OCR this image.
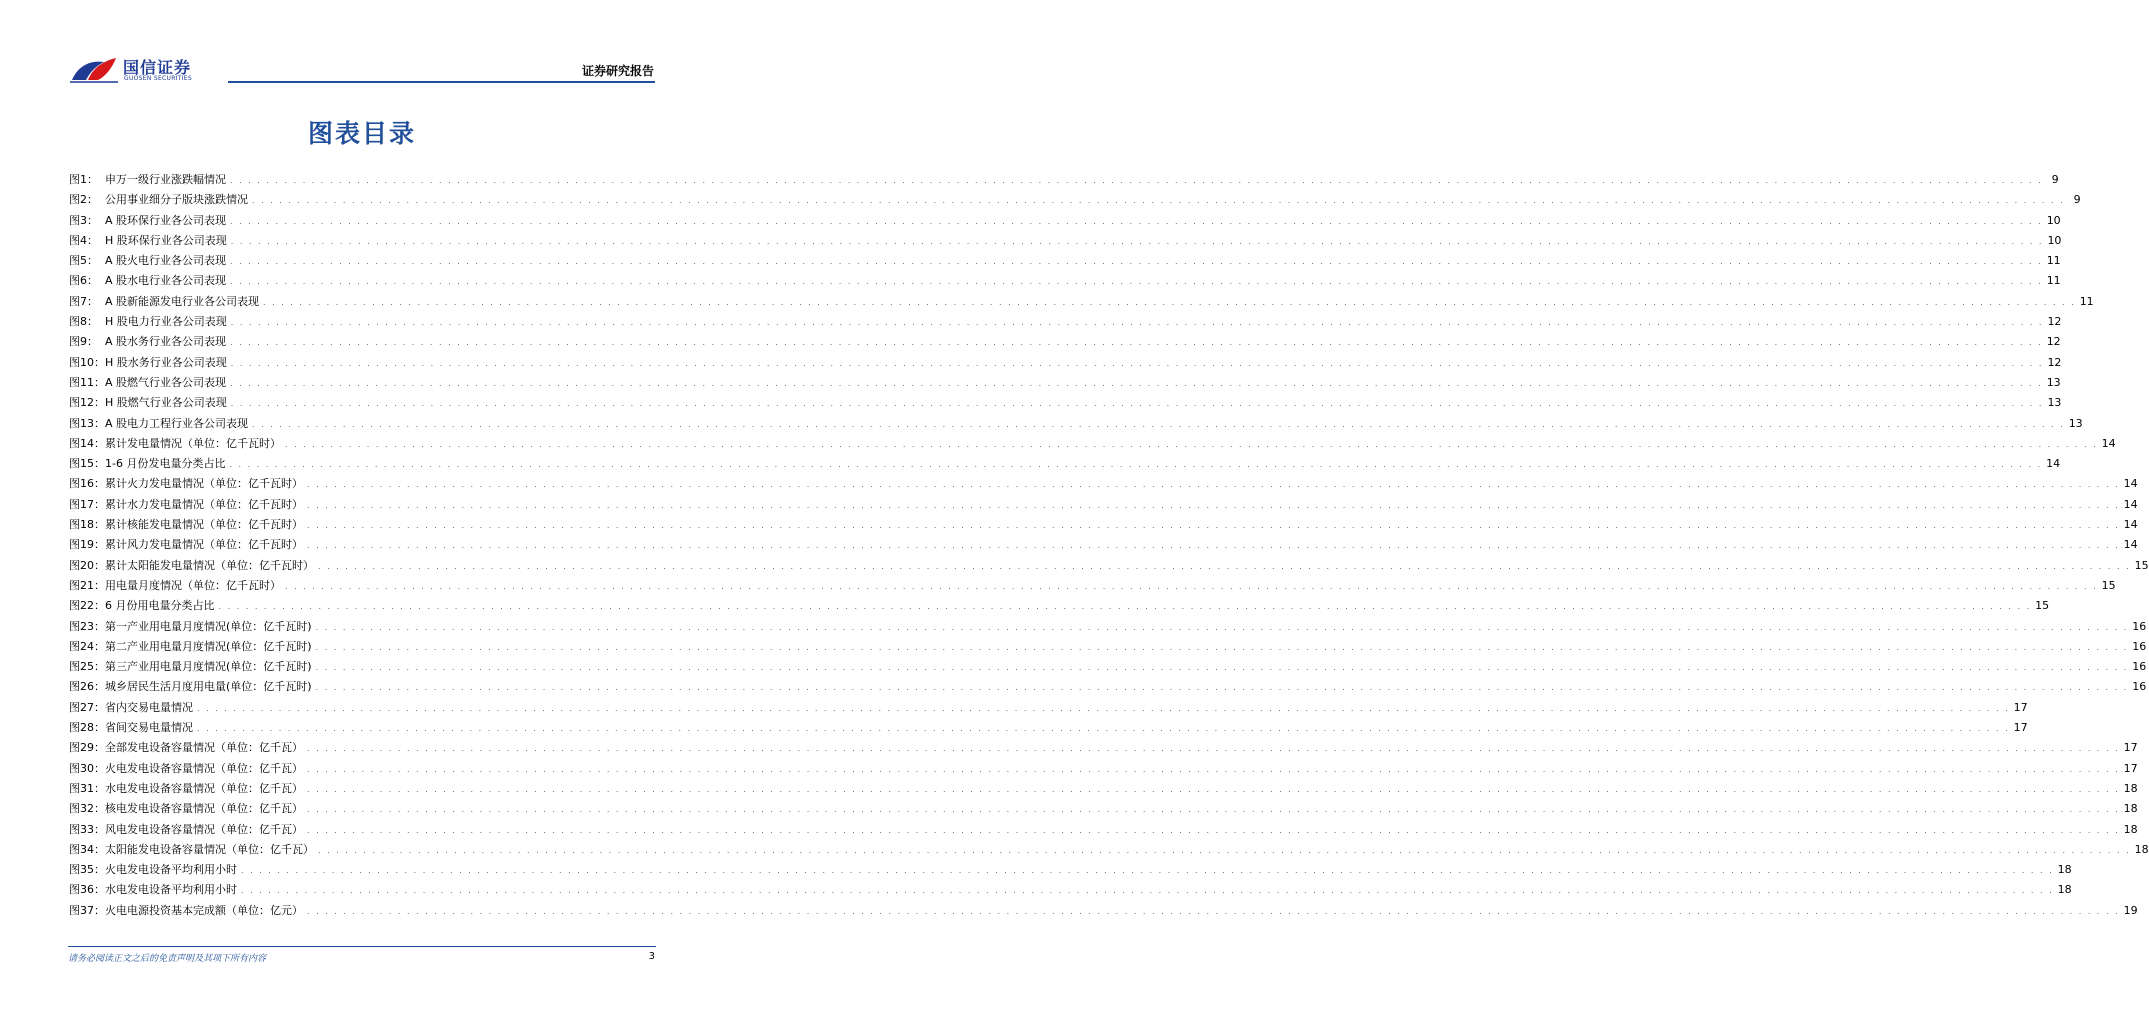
国信证券
GUOSEN SECURITIES
证券研究报告
图表目录
图1： 申万一级行业涨跌幅情况 . . . . . . . . . . . . . . . . . . . . . . . . . . . . . . . . . . . . . . . . . . . . . . . . . . . . . . . . . . . . . . . . . . . . . . . . . . . . . . . . . . . . . . . . . . . . . . . . . . . . . . . . . . . . . . . . . . . . . . . . . . . . . . . . . . . . . . . . . . . . . . . . . . . . . . . . . . . . . . . . . . . . . . . . . . . . . . . . . . . . . . . . . . . . . . . . . . . . . . . . 9
图2： 公用事业细分子版块涨跌情况 . . . . . . . . . . . . . . . . . . . . . . . . . . . . . . . . . . . . . . . . . . . . . . . . . . . . . . . . . . . . . . . . . . . . . . . . . . . . . . . . . . . . . . . . . . . . . . . . . . . . . . . . . . . . . . . . . . . . . . . . . . . . . . . . . . . . . . . . . . . . . . . . . . . . . . . . . . . . . . . . . . . . . . . . . . . . . . . . . . . . . . . . . . . . . . . . . . . . . . . . 9
图3： A 股环保行业各公司表现 . . . . . . . . . . . . . . . . . . . . . . . . . . . . . . . . . . . . . . . . . . . . . . . . . . . . . . . . . . . . . . . . . . . . . . . . . . . . . . . . . . . . . . . . . . . . . . . . . . . . . . . . . . . . . . . . . . . . . . . . . . . . . . . . . . . . . . . . . . . . . . . . . . . . . . . . . . . . . . . . . . . . . . . . . . . . . . . . . . . . . . . . . . . . . . . . . . . . . . . . 10
图4： H 股环保行业各公司表现 . . . . . . . . . . . . . . . . . . . . . . . . . . . . . . . . . . . . . . . . . . . . . . . . . . . . . . . . . . . . . . . . . . . . . . . . . . . . . . . . . . . . . . . . . . . . . . . . . . . . . . . . . . . . . . . . . . . . . . . . . . . . . . . . . . . . . . . . . . . . . . . . . . . . . . . . . . . . . . . . . . . . . . . . . . . . . . . . . . . . . . . . . . . . . . . . . . . . . . . . 10
图5： A 股火电行业各公司表现 . . . . . . . . . . . . . . . . . . . . . . . . . . . . . . . . . . . . . . . . . . . . . . . . . . . . . . . . . . . . . . . . . . . . . . . . . . . . . . . . . . . . . . . . . . . . . . . . . . . . . . . . . . . . . . . . . . . . . . . . . . . . . . . . . . . . . . . . . . . . . . . . . . . . . . . . . . . . . . . . . . . . . . . . . . . . . . . . . . . . . . . . . . . . . . . . . . . . . . . . 11
图6： A 股水电行业各公司表现 . . . . . . . . . . . . . . . . . . . . . . . . . . . . . . . . . . . . . . . . . . . . . . . . . . . . . . . . . . . . . . . . . . . . . . . . . . . . . . . . . . . . . . . . . . . . . . . . . . . . . . . . . . . . . . . . . . . . . . . . . . . . . . . . . . . . . . . . . . . . . . . . . . . . . . . . . . . . . . . . . . . . . . . . . . . . . . . . . . . . . . . . . . . . . . . . . . . . . . . . 11
图7： A 股新能源发电行业各公司表现 . . . . . . . . . . . . . . . . . . . . . . . . . . . . . . . . . . . . . . . . . . . . . . . . . . . . . . . . . . . . . . . . . . . . . . . . . . . . . . . . . . . . . . . . . . . . . . . . . . . . . . . . . . . . . . . . . . . . . . . . . . . . . . . . . . . . . . . . . . . . . . . . . . . . . . . . . . . . . . . . . . . . . . . . . . . . . . . . . . . . . . . . . . . . . . . . . . . . . . . . 11
图8： H 股电力行业各公司表现 . . . . . . . . . . . . . . . . . . . . . . . . . . . . . . . . . . . . . . . . . . . . . . . . . . . . . . . . . . . . . . . . . . . . . . . . . . . . . . . . . . . . . . . . . . . . . . . . . . . . . . . . . . . . . . . . . . . . . . . . . . . . . . . . . . . . . . . . . . . . . . . . . . . . . . . . . . . . . . . . . . . . . . . . . . . . . . . . . . . . . . . . . . . . . . . . . . . . . . . . 12
图9： A 股水务行业各公司表现 . . . . . . . . . . . . . . . . . . . . . . . . . . . . . . . . . . . . . . . . . . . . . . . . . . . . . . . . . . . . . . . . . . . . . . . . . . . . . . . . . . . . . . . . . . . . . . . . . . . . . . . . . . . . . . . . . . . . . . . . . . . . . . . . . . . . . . . . . . . . . . . . . . . . . . . . . . . . . . . . . . . . . . . . . . . . . . . . . . . . . . . . . . . . . . . . . . . . . . . . 12
图10： H 股水务行业各公司表现 . . . . . . . . . . . . . . . . . . . . . . . . . . . . . . . . . . . . . . . . . . . . . . . . . . . . . . . . . . . . . . . . . . . . . . . . . . . . . . . . . . . . . . . . . . . . . . . . . . . . . . . . . . . . . . . . . . . . . . . . . . . . . . . . . . . . . . . . . . . . . . . . . . . . . . . . . . . . . . . . . . . . . . . . . . . . . . . . . . . . . . . . . . . . . . . . . . . . . . . . 12
图11： A 股燃气行业各公司表现 . . . . . . . . . . . . . . . . . . . . . . . . . . . . . . . . . . . . . . . . . . . . . . . . . . . . . . . . . . . . . . . . . . . . . . . . . . . . . . . . . . . . . . . . . . . . . . . . . . . . . . . . . . . . . . . . . . . . . . . . . . . . . . . . . . . . . . . . . . . . . . . . . . . . . . . . . . . . . . . . . . . . . . . . . . . . . . . . . . . . . . . . . . . . . . . . . . . . . . . . 13
图12： H 股燃气行业各公司表现 . . . . . . . . . . . . . . . . . . . . . . . . . . . . . . . . . . . . . . . . . . . . . . . . . . . . . . . . . . . . . . . . . . . . . . . . . . . . . . . . . . . . . . . . . . . . . . . . . . . . . . . . . . . . . . . . . . . . . . . . . . . . . . . . . . . . . . . . . . . . . . . . . . . . . . . . . . . . . . . . . . . . . . . . . . . . . . . . . . . . . . . . . . . . . . . . . . . . . . . . 13
图13： A 股电力工程行业各公司表现 . . . . . . . . . . . . . . . . . . . . . . . . . . . . . . . . . . . . . . . . . . . . . . . . . . . . . . . . . . . . . . . . . . . . . . . . . . . . . . . . . . . . . . . . . . . . . . . . . . . . . . . . . . . . . . . . . . . . . . . . . . . . . . . . . . . . . . . . . . . . . . . . . . . . . . . . . . . . . . . . . . . . . . . . . . . . . . . . . . . . . . . . . . . . . . . . . . . . . . . . 13
图14： 累计发电量情况（单位：亿千瓦时） . . . . . . . . . . . . . . . . . . . . . . . . . . . . . . . . . . . . . . . . . . . . . . . . . . . . . . . . . . . . . . . . . . . . . . . . . . . . . . . . . . . . . . . . . . . . . . . . . . . . . . . . . . . . . . . . . . . . . . . . . . . . . . . . . . . . . . . . . . . . . . . . . . . . . . . . . . . . . . . . . . . . . . . . . . . . . . . . . . . . . . . . . . . . . . . . . . . . . . . . 14
图15： 1-6 月份发电量分类占比 . . . . . . . . . . . . . . . . . . . . . . . . . . . . . . . . . . . . . . . . . . . . . . . . . . . . . . . . . . . . . . . . . . . . . . . . . . . . . . . . . . . . . . . . . . . . . . . . . . . . . . . . . . . . . . . . . . . . . . . . . . . . . . . . . . . . . . . . . . . . . . . . . . . . . . . . . . . . . . . . . . . . . . . . . . . . . . . . . . . . . . . . . . . . . . . . . . . . . . . . 14
图16： 累计火力发电量情况（单位：亿千瓦时） . . . . . . . . . . . . . . . . . . . . . . . . . . . . . . . . . . . . . . . . . . . . . . . . . . . . . . . . . . . . . . . . . . . . . . . . . . . . . . . . . . . . . . . . . . . . . . . . . . . . . . . . . . . . . . . . . . . . . . . . . . . . . . . . . . . . . . . . . . . . . . . . . . . . . . . . . . . . . . . . . . . . . . . . . . . . . . . . . . . . . . . . . . . . . . . . . . . . . . . . 14
图17： 累计水力发电量情况（单位：亿千瓦时） . . . . . . . . . . . . . . . . . . . . . . . . . . . . . . . . . . . . . . . . . . . . . . . . . . . . . . . . . . . . . . . . . . . . . . . . . . . . . . . . . . . . . . . . . . . . . . . . . . . . . . . . . . . . . . . . . . . . . . . . . . . . . . . . . . . . . . . . . . . . . . . . . . . . . . . . . . . . . . . . . . . . . . . . . . . . . . . . . . . . . . . . . . . . . . . . . . . . . . . . 14
图18： 累计核能发电量情况（单位：亿千瓦时） . . . . . . . . . . . . . . . . . . . . . . . . . . . . . . . . . . . . . . . . . . . . . . . . . . . . . . . . . . . . . . . . . . . . . . . . . . . . . . . . . . . . . . . . . . . . . . . . . . . . . . . . . . . . . . . . . . . . . . . . . . . . . . . . . . . . . . . . . . . . . . . . . . . . . . . . . . . . . . . . . . . . . . . . . . . . . . . . . . . . . . . . . . . . . . . . . . . . . . . . 14
图19： 累计风力发电量情况（单位：亿千瓦时） . . . . . . . . . . . . . . . . . . . . . . . . . . . . . . . . . . . . . . . . . . . . . . . . . . . . . . . . . . . . . . . . . . . . . . . . . . . . . . . . . . . . . . . . . . . . . . . . . . . . . . . . . . . . . . . . . . . . . . . . . . . . . . . . . . . . . . . . . . . . . . . . . . . . . . . . . . . . . . . . . . . . . . . . . . . . . . . . . . . . . . . . . . . . . . . . . . . . . . . . 14
图20： 累计太阳能发电量情况（单位：亿千瓦时） . . . . . . . . . . . . . . . . . . . . . . . . . . . . . . . . . . . . . . . . . . . . . . . . . . . . . . . . . . . . . . . . . . . . . . . . . . . . . . . . . . . . . . . . . . . . . . . . . . . . . . . . . . . . . . . . . . . . . . . . . . . . . . . . . . . . . . . . . . . . . . . . . . . . . . . . . . . . . . . . . . . . . . . . . . . . . . . . . . . . . . . . . . . . . . . . . . . . . . . . 15
图21： 用电量月度情况（单位：亿千瓦时） . . . . . . . . . . . . . . . . . . . . . . . . . . . . . . . . . . . . . . . . . . . . . . . . . . . . . . . . . . . . . . . . . . . . . . . . . . . . . . . . . . . . . . . . . . . . . . . . . . . . . . . . . . . . . . . . . . . . . . . . . . . . . . . . . . . . . . . . . . . . . . . . . . . . . . . . . . . . . . . . . . . . . . . . . . . . . . . . . . . . . . . . . . . . . . . . . . . . . . . . 15
图22： 6 月份用电量分类占比 . . . . . . . . . . . . . . . . . . . . . . . . . . . . . . . . . . . . . . . . . . . . . . . . . . . . . . . . . . . . . . . . . . . . . . . . . . . . . . . . . . . . . . . . . . . . . . . . . . . . . . . . . . . . . . . . . . . . . . . . . . . . . . . . . . . . . . . . . . . . . . . . . . . . . . . . . . . . . . . . . . . . . . . . . . . . . . . . . . . . . . . . . . . . . . . . . . . . . . . . 15
图23： 第一产业用电量月度情况(单位：亿千瓦时) . . . . . . . . . . . . . . . . . . . . . . . . . . . . . . . . . . . . . . . . . . . . . . . . . . . . . . . . . . . . . . . . . . . . . . . . . . . . . . . . . . . . . . . . . . . . . . . . . . . . . . . . . . . . . . . . . . . . . . . . . . . . . . . . . . . . . . . . . . . . . . . . . . . . . . . . . . . . . . . . . . . . . . . . . . . . . . . . . . . . . . . . . . . . . . . . . . . . . . . . 16
图24： 第二产业用电量月度情况(单位：亿千瓦时) . . . . . . . . . . . . . . . . . . . . . . . . . . . . . . . . . . . . . . . . . . . . . . . . . . . . . . . . . . . . . . . . . . . . . . . . . . . . . . . . . . . . . . . . . . . . . . . . . . . . . . . . . . . . . . . . . . . . . . . . . . . . . . . . . . . . . . . . . . . . . . . . . . . . . . . . . . . . . . . . . . . . . . . . . . . . . . . . . . . . . . . . . . . . . . . . . . . . . . . . 16
图25： 第三产业用电量月度情况(单位：亿千瓦时) . . . . . . . . . . . . . . . . . . . . . . . . . . . . . . . . . . . . . . . . . . . . . . . . . . . . . . . . . . . . . . . . . . . . . . . . . . . . . . . . . . . . . . . . . . . . . . . . . . . . . . . . . . . . . . . . . . . . . . . . . . . . . . . . . . . . . . . . . . . . . . . . . . . . . . . . . . . . . . . . . . . . . . . . . . . . . . . . . . . . . . . . . . . . . . . . . . . . . . . . 16
图26： 城乡居民生活月度用电量(单位：亿千瓦时) . . . . . . . . . . . . . . . . . . . . . . . . . . . . . . . . . . . . . . . . . . . . . . . . . . . . . . . . . . . . . . . . . . . . . . . . . . . . . . . . . . . . . . . . . . . . . . . . . . . . . . . . . . . . . . . . . . . . . . . . . . . . . . . . . . . . . . . . . . . . . . . . . . . . . . . . . . . . . . . . . . . . . . . . . . . . . . . . . . . . . . . . . . . . . . . . . . . . . . . . 16
图27： 省内交易电量情况 . . . . . . . . . . . . . . . . . . . . . . . . . . . . . . . . . . . . . . . . . . . . . . . . . . . . . . . . . . . . . . . . . . . . . . . . . . . . . . . . . . . . . . . . . . . . . . . . . . . . . . . . . . . . . . . . . . . . . . . . . . . . . . . . . . . . . . . . . . . . . . . . . . . . . . . . . . . . . . . . . . . . . . . . . . . . . . . . . . . . . . . . . . . . . . . . . . . . . . . . 17
图28： 省间交易电量情况 . . . . . . . . . . . . . . . . . . . . . . . . . . . . . . . . . . . . . . . . . . . . . . . . . . . . . . . . . . . . . . . . . . . . . . . . . . . . . . . . . . . . . . . . . . . . . . . . . . . . . . . . . . . . . . . . . . . . . . . . . . . . . . . . . . . . . . . . . . . . . . . . . . . . . . . . . . . . . . . . . . . . . . . . . . . . . . . . . . . . . . . . . . . . . . . . . . . . . . . . 17
图29： 全部发电设备容量情况（单位：亿千瓦） . . . . . . . . . . . . . . . . . . . . . . . . . . . . . . . . . . . . . . . . . . . . . . . . . . . . . . . . . . . . . . . . . . . . . . . . . . . . . . . . . . . . . . . . . . . . . . . . . . . . . . . . . . . . . . . . . . . . . . . . . . . . . . . . . . . . . . . . . . . . . . . . . . . . . . . . . . . . . . . . . . . . . . . . . . . . . . . . . . . . . . . . . . . . . . . . . . . . . . . . 17
图30： 火电发电设备容量情况（单位：亿千瓦） . . . . . . . . . . . . . . . . . . . . . . . . . . . . . . . . . . . . . . . . . . . . . . . . . . . . . . . . . . . . . . . . . . . . . . . . . . . . . . . . . . . . . . . . . . . . . . . . . . . . . . . . . . . . . . . . . . . . . . . . . . . . . . . . . . . . . . . . . . . . . . . . . . . . . . . . . . . . . . . . . . . . . . . . . . . . . . . . . . . . . . . . . . . . . . . . . . . . . . . . 17
图31： 水电发电设备容量情况（单位：亿千瓦） . . . . . . . . . . . . . . . . . . . . . . . . . . . . . . . . . . . . . . . . . . . . . . . . . . . . . . . . . . . . . . . . . . . . . . . . . . . . . . . . . . . . . . . . . . . . . . . . . . . . . . . . . . . . . . . . . . . . . . . . . . . . . . . . . . . . . . . . . . . . . . . . . . . . . . . . . . . . . . . . . . . . . . . . . . . . . . . . . . . . . . . . . . . . . . . . . . . . . . . . 18
图32： 核电发电设备容量情况（单位：亿千瓦） . . . . . . . . . . . . . . . . . . . . . . . . . . . . . . . . . . . . . . . . . . . . . . . . . . . . . . . . . . . . . . . . . . . . . . . . . . . . . . . . . . . . . . . . . . . . . . . . . . . . . . . . . . . . . . . . . . . . . . . . . . . . . . . . . . . . . . . . . . . . . . . . . . . . . . . . . . . . . . . . . . . . . . . . . . . . . . . . . . . . . . . . . . . . . . . . . . . . . . . . 18
图33： 风电发电设备容量情况（单位：亿千瓦） . . . . . . . . . . . . . . . . . . . . . . . . . . . . . . . . . . . . . . . . . . . . . . . . . . . . . . . . . . . . . . . . . . . . . . . . . . . . . . . . . . . . . . . . . . . . . . . . . . . . . . . . . . . . . . . . . . . . . . . . . . . . . . . . . . . . . . . . . . . . . . . . . . . . . . . . . . . . . . . . . . . . . . . . . . . . . . . . . . . . . . . . . . . . . . . . . . . . . . . . 18
图34： 太阳能发电设备容量情况（单位：亿千瓦） . . . . . . . . . . . . . . . . . . . . . . . . . . . . . . . . . . . . . . . . . . . . . . . . . . . . . . . . . . . . . . . . . . . . . . . . . . . . . . . . . . . . . . . . . . . . . . . . . . . . . . . . . . . . . . . . . . . . . . . . . . . . . . . . . . . . . . . . . . . . . . . . . . . . . . . . . . . . . . . . . . . . . . . . . . . . . . . . . . . . . . . . . . . . . . . . . . . . . . . . 18
图35： 火电发电设备平均利用小时 . . . . . . . . . . . . . . . . . . . . . . . . . . . . . . . . . . . . . . . . . . . . . . . . . . . . . . . . . . . . . . . . . . . . . . . . . . . . . . . . . . . . . . . . . . . . . . . . . . . . . . . . . . . . . . . . . . . . . . . . . . . . . . . . . . . . . . . . . . . . . . . . . . . . . . . . . . . . . . . . . . . . . . . . . . . . . . . . . . . . . . . . . . . . . . . . . . . . . . . . 18
图36： 水电发电设备平均利用小时 . . . . . . . . . . . . . . . . . . . . . . . . . . . . . . . . . . . . . . . . . . . . . . . . . . . . . . . . . . . . . . . . . . . . . . . . . . . . . . . . . . . . . . . . . . . . . . . . . . . . . . . . . . . . . . . . . . . . . . . . . . . . . . . . . . . . . . . . . . . . . . . . . . . . . . . . . . . . . . . . . . . . . . . . . . . . . . . . . . . . . . . . . . . . . . . . . . . . . . . . 18
图37： 火电电源投资基本完成额（单位：亿元） . . . . . . . . . . . . . . . . . . . . . . . . . . . . . . . . . . . . . . . . . . . . . . . . . . . . . . . . . . . . . . . . . . . . . . . . . . . . . . . . . . . . . . . . . . . . . . . . . . . . . . . . . . . . . . . . . . . . . . . . . . . . . . . . . . . . . . . . . . . . . . . . . . . . . . . . . . . . . . . . . . . . . . . . . . . . . . . . . . . . . . . . . . . . . . . . . . . . . . . . 19
请务必阅读正文之后的免责声明及其项下所有内容	3
